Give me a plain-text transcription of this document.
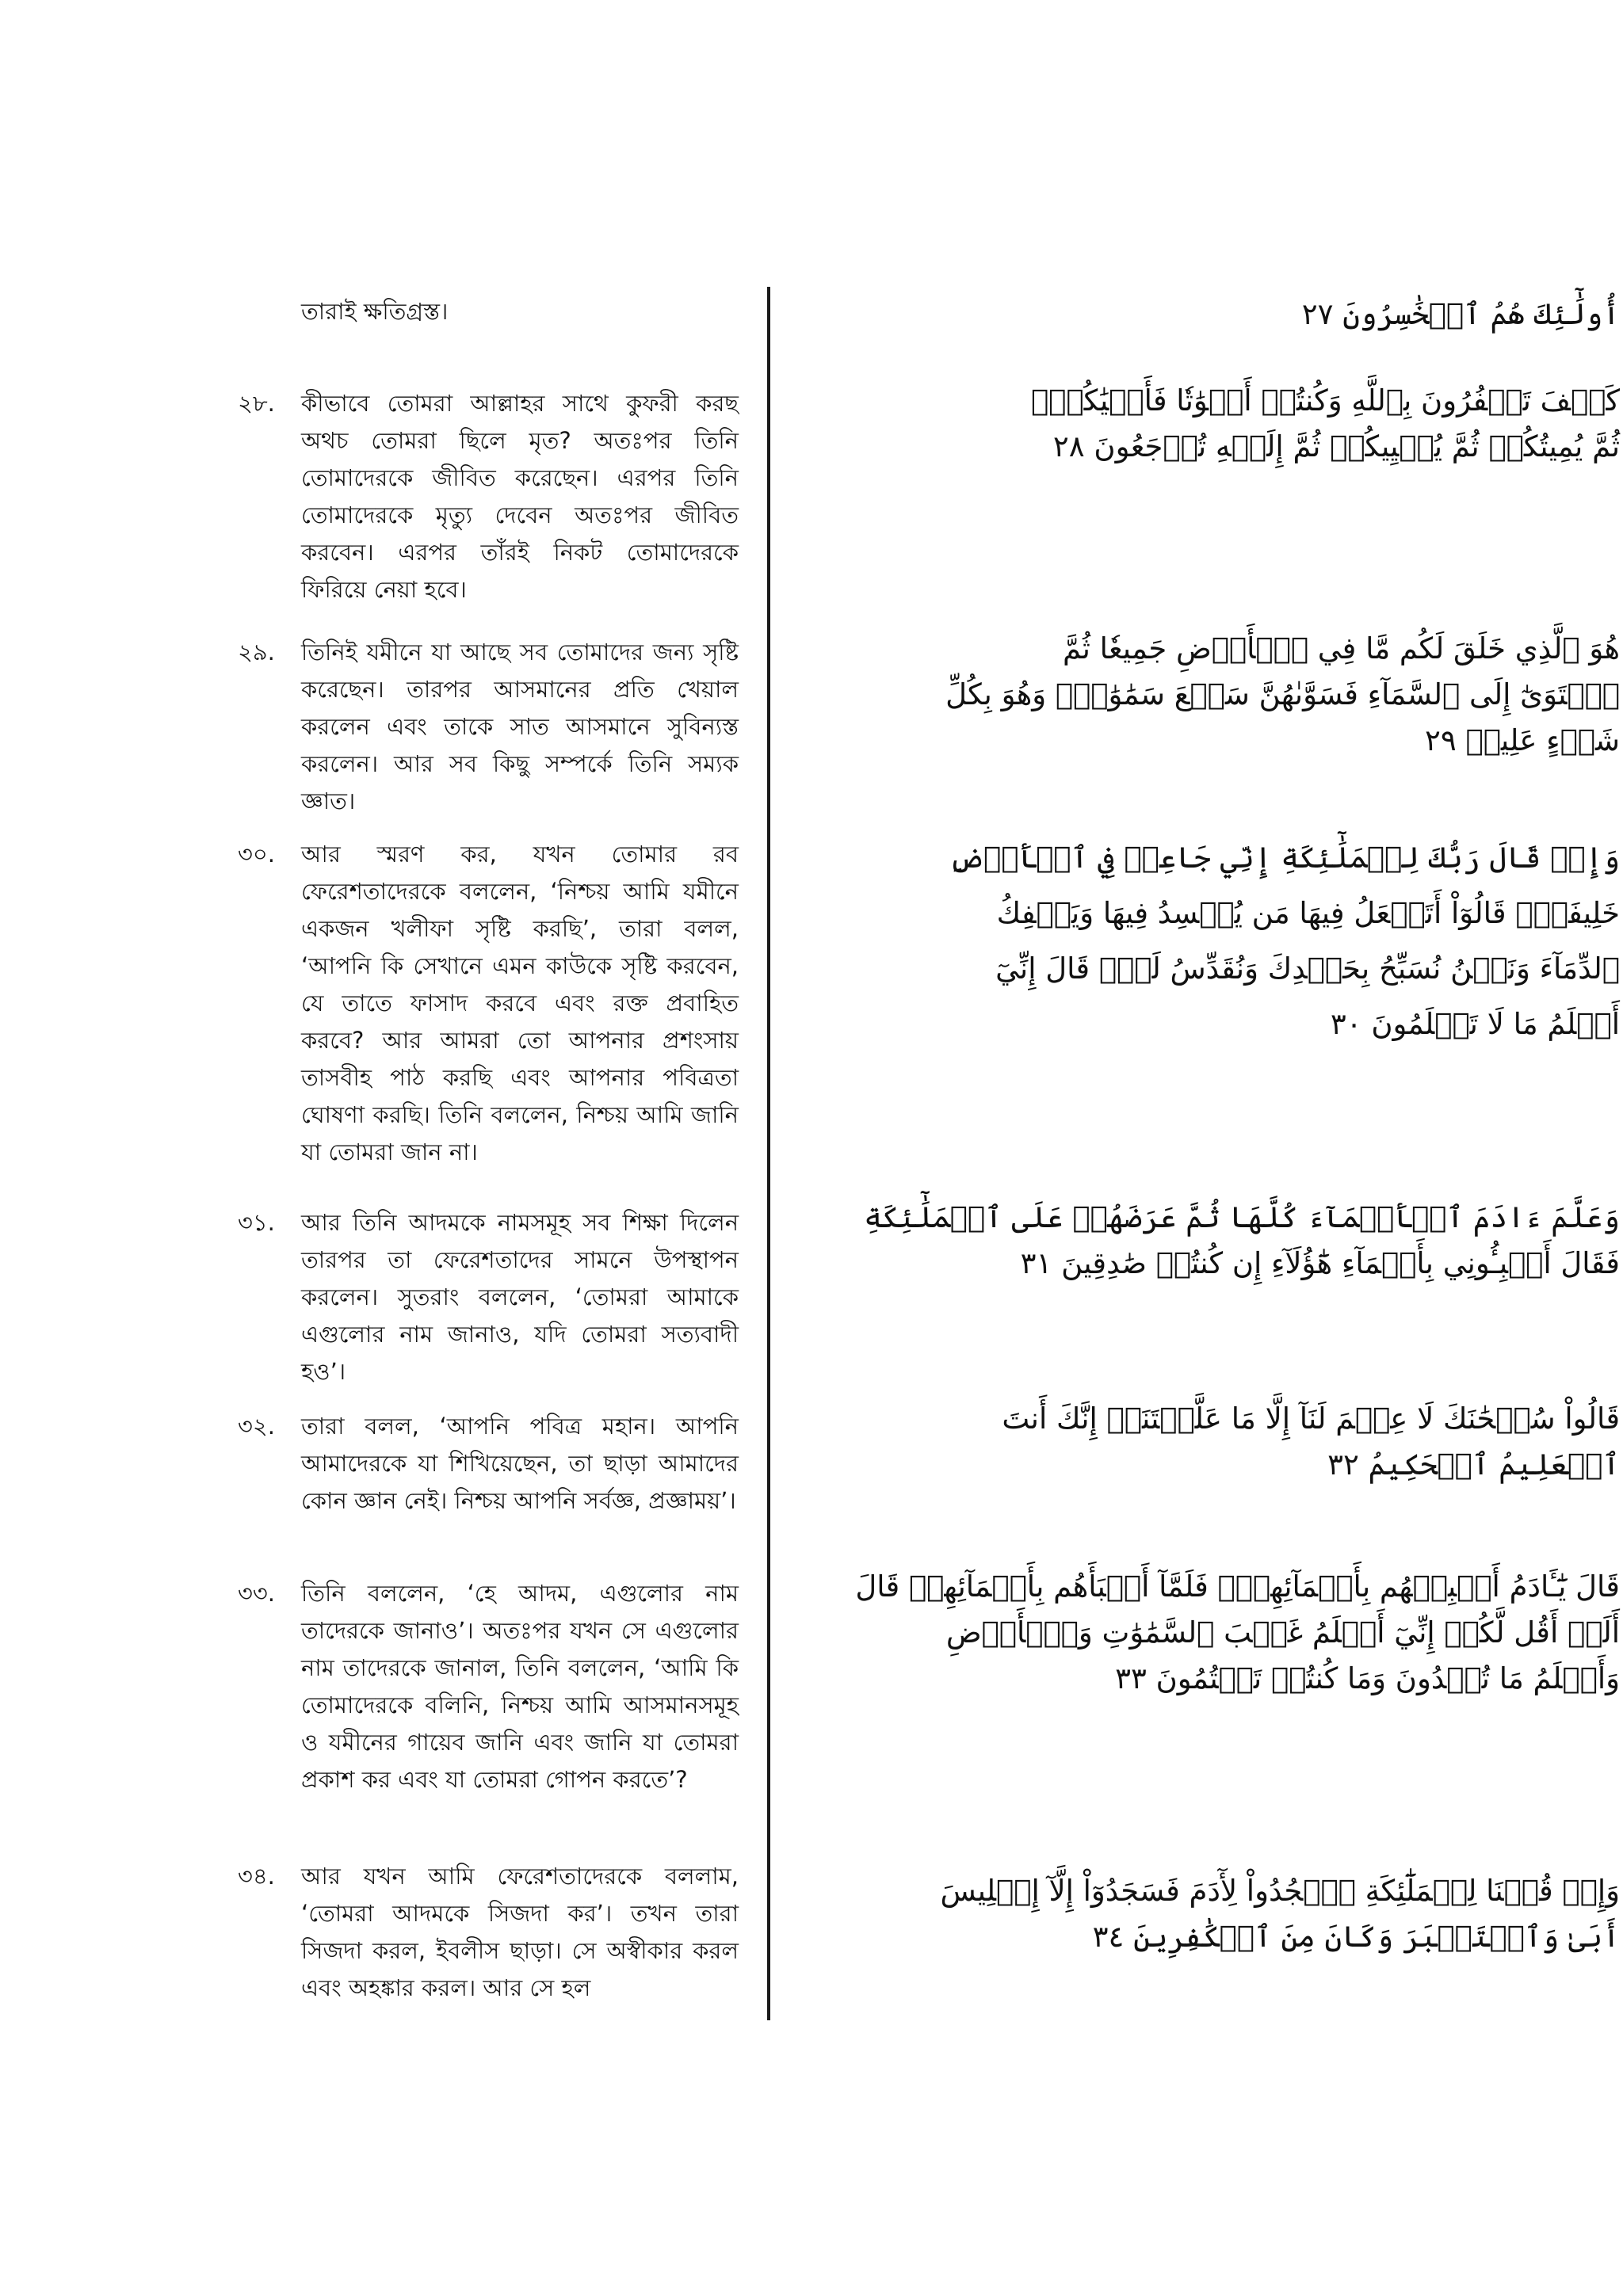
তারাই ক্ষতিগ্রস্ত।
২৮.	কীভাবে তোমরা আল্লাহর সাথে কুফরী করছ অথচ তোমরা ছিলে মৃত? অতঃপর তিনি তোমাদেরকে জীবিত করেছেন। এরপর তিনি তোমাদেরকে মৃত্যু দেবেন অতঃপর জীবিত করবেন। এরপর তাঁরই নিকট তোমাদেরকে ফিরিয়ে নেয়া হবে।
২৯.	তিনিই যমীনে যা আছে সব তোমাদের জন্য সৃষ্টি করেছেন। তারপর আসমানের প্রতি খেয়াল করলেন এবং তাকে সাত আসমানে সুবিন্যস্ত করলেন। আর সব কিছু সম্পর্কে তিনি সম্যক জ্ঞাত।
৩০.	আর স্মরণ কর, যখন তোমার রব ফেরেশতাদেরকে বললেন, ‘নিশ্চয় আমি যমীনে একজন খলীফা সৃষ্টি করছি’, তারা বলল, ‘আপনি কি সেখানে এমন কাউকে সৃষ্টি করবেন, যে তাতে ফাসাদ করবে এবং রক্ত প্রবাহিত করবে? আর আমরা তো আপনার প্রশংসায় তাসবীহ পাঠ করছি এবং আপনার পবিত্রতা ঘোষণা করছি। তিনি বললেন, নিশ্চয় আমি জানি যা তোমরা জান না।
৩১.	আর তিনি আদমকে নামসমূহ সব শিক্ষা দিলেন তারপর তা ফেরেশতাদের সামনে উপস্থাপন করলেন। সুতরাং বললেন, ‘তোমরা আমাকে এগুলোর নাম জানাও, যদি তোমরা সত্যবাদী হও’।
৩২.	তারা বলল, ‘আপনি পবিত্র মহান। আপনি আমাদেরকে যা শিখিয়েছেন, তা ছাড়া আমাদের কোন জ্ঞান নেই। নিশ্চয় আপনি সর্বজ্ঞ, প্রজ্ঞাময়’।
৩৩.	তিনি বললেন, ‘হে আদম, এগুলোর নাম তাদেরকে জানাও’। অতঃপর যখন সে এগুলোর নাম তাদেরকে জানাল, তিনি বললেন, ‘আমি কি তোমাদেরকে বলিনি, নিশ্চয় আমি আসমানসমূহ ও যমীনের গায়েব জানি এবং জানি যা তোমরা প্রকাশ কর এবং যা তোমরা গোপন করতে’?
৩৪.	আর যখন আমি ফেরেশতাদেরকে বললাম, ‘তোমরা আদমকে সিজদা কর’। তখন তারা সিজদা করল, ইবলীস ছাড়া। সে অস্বীকার করল এবং অহঙ্কার করল। আর সে হল
أُولَٰٓئِكَ هُمُ ٱلۡخَٰسِرُونَ ٢٧
كَيۡفَ تَكۡفُرُونَ بِٱللَّهِ وَكُنتُمۡ أَمۡوَٰتٗا فَأَحۡيَٰكُمۡۖ
ثُمَّ يُمِيتُكُمۡ ثُمَّ يُحۡيِيكُمۡ ثُمَّ إِلَيۡهِ تُرۡجَعُونَ ٢٨
هُوَ ٱلَّذِي خَلَقَ لَكُم مَّا فِي ٱلۡأَرۡضِ جَمِيعٗا ثُمَّ
ٱسۡتَوَىٰٓ إِلَى ٱلسَّمَآءِ فَسَوَّىٰهُنَّ سَبۡعَ سَمَٰوَٰتٖۚ وَهُوَ بِكُلِّ
شَيۡءٍ عَلِيمٞ ٢٩
وَإِذۡ قَالَ رَبُّكَ لِلۡمَلَٰٓئِكَةِ إِنِّي جَاعِلٞ فِي ٱلۡأَرۡضِ
خَلِيفَةٗۖ قَالُوٓاْ أَتَجۡعَلُ فِيهَا مَن يُفۡسِدُ فِيهَا وَيَسۡفِكُ
ٱلدِّمَآءَ وَنَحۡنُ نُسَبِّحُ بِحَمۡدِكَ وَنُقَدِّسُ لَكَۖ قَالَ إِنِّيٓ
أَعۡلَمُ مَا لَا تَعۡلَمُونَ ٣٠
وَعَلَّمَ ءَادَمَ ٱلۡأَسۡمَآءَ كُلَّهَا ثُمَّ عَرَضَهُمۡ عَلَى ٱلۡمَلَٰٓئِكَةِ
فَقَالَ أَنۢبِـُٔونِي بِأَسۡمَآءِ هَٰٓؤُلَآءِ إِن كُنتُمۡ صَٰدِقِينَ ٣١
قَالُواْ سُبۡحَٰنَكَ لَا عِلۡمَ لَنَآ إِلَّا مَا عَلَّمۡتَنَآۖ إِنَّكَ أَنتَ
ٱلۡعَلِيمُ ٱلۡحَكِيمُ ٣٢
قَالَ يَٰٓـَٔادَمُ أَنۢبِئۡهُم بِأَسۡمَآئِهِمۡۖ فَلَمَّآ أَنۢبَأَهُم بِأَسۡمَآئِهِمۡ قَالَ
أَلَمۡ أَقُل لَّكُمۡ إِنِّيٓ أَعۡلَمُ غَيۡبَ ٱلسَّمَٰوَٰتِ وَٱلۡأَرۡضِ
وَأَعۡلَمُ مَا تُبۡدُونَ وَمَا كُنتُمۡ تَكۡتُمُونَ ٣٣
وَإِذۡ قُلۡنَا لِلۡمَلَٰٓئِكَةِ ٱسۡجُدُواْ لِأٓدَمَ فَسَجَدُوٓاْ إِلَّآ إِبۡلِيسَ
أَبَىٰ وَٱسۡتَكۡبَرَ وَكَانَ مِنَ ٱلۡكَٰفِرِينَ ٣٤
